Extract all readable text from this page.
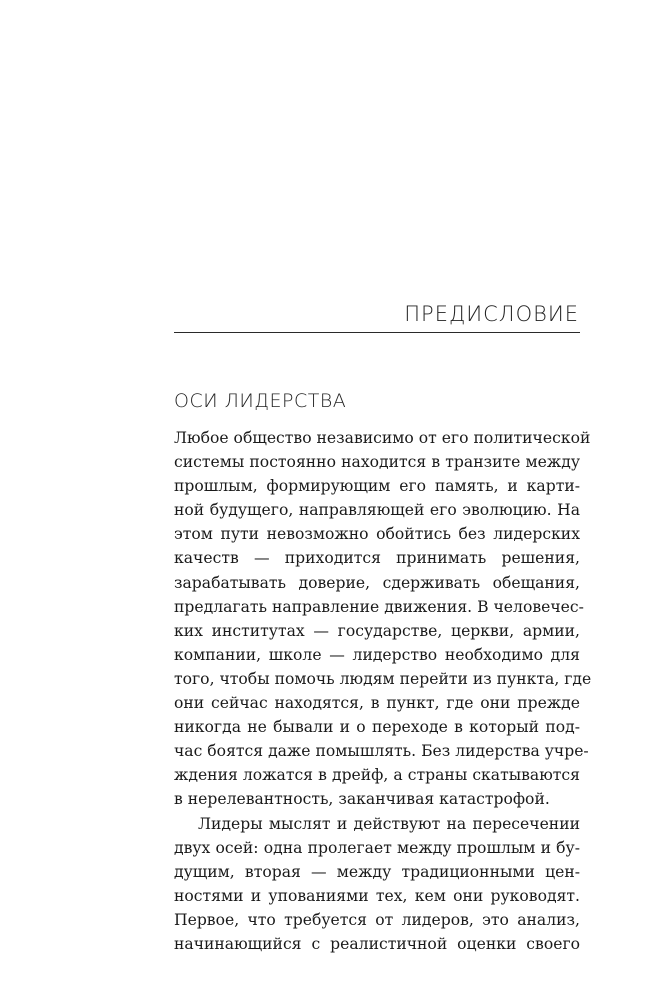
ПРЕДИСЛОВИЕ
ОСИ ЛИДЕРСТВА
Любое общество независимо от его политической
системы постоянно находится в транзите между
прошлым, формирующим его память, и карти-
ной будущего, направляющей его эволюцию. На
этом пути невозможно обойтись без лидерских
качеств — приходится принимать решения,
зарабатывать доверие, сдерживать обещания,
предлагать направление движения. В человечес-
ких институтах — государстве, церкви, армии,
компании, школе — лидерство необходимо для
того, чтобы помочь людям перейти из пункта, где
они сейчас находятся, в пункт, где они прежде
никогда не бывали и о переходе в который под-
час боятся даже помышлять. Без лидерства учре-
ждения ложатся в дрейф, а страны скатываются
в нерелевантность, заканчивая катастрофой.
Лидеры мыслят и действуют на пересечении
двух осей: одна пролегает между прошлым и бу-
дущим, вторая — между традиционными цен-
ностями и упованиями тех, кем они руководят.
Первое, что требуется от лидеров, это анализ,
начинающийся с реалистичной оценки своего
